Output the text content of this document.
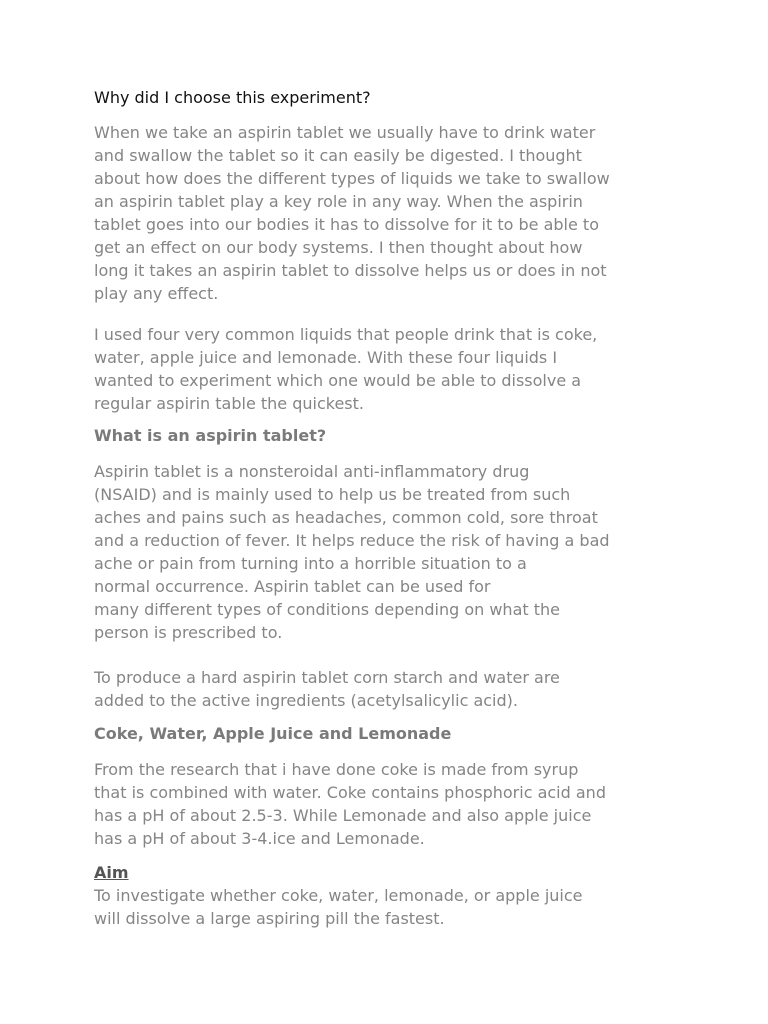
Why did I choose this experiment?
When we take an aspirin tablet we usually have to drink water
and swallow the tablet so it can easily be digested. I thought
about how does the different types of liquids we take to swallow
an aspirin tablet play a key role in any way. When the aspirin
tablet goes into our bodies it has to dissolve for it to be able to
get an effect on our body systems. I then thought about how
long it takes an aspirin tablet to dissolve helps us or does in not
play any effect.
I used four very common liquids that people drink that is coke,
water, apple juice and lemonade. With these four liquids I
wanted to experiment which one would be able to dissolve a
regular aspirin table the quickest.
What is an aspirin tablet?
Aspirin tablet is a nonsteroidal anti-inflammatory drug
(NSAID) and is mainly used to help us be treated from such
aches and pains such as headaches, common cold, sore throat
and a reduction of fever. It helps reduce the risk of having a bad
ache or pain from turning into a horrible situation to a
normal occurrence. Aspirin tablet can be used for
many different types of conditions depending on what the
person is prescribed to.
To produce a hard aspirin tablet corn starch and water are
added to the active ingredients (acetylsalicylic acid).
Coke, Water, Apple Juice and Lemonade
From the research that i have done coke is made from syrup
that is combined with water. Coke contains phosphoric acid and
has a pH of about 2.5-3. While Lemonade and also apple juice
has a pH of about 3-4.ice and Lemonade.
Aim
To investigate whether coke, water, lemonade, or apple juice
will dissolve a large aspiring pill the fastest.
